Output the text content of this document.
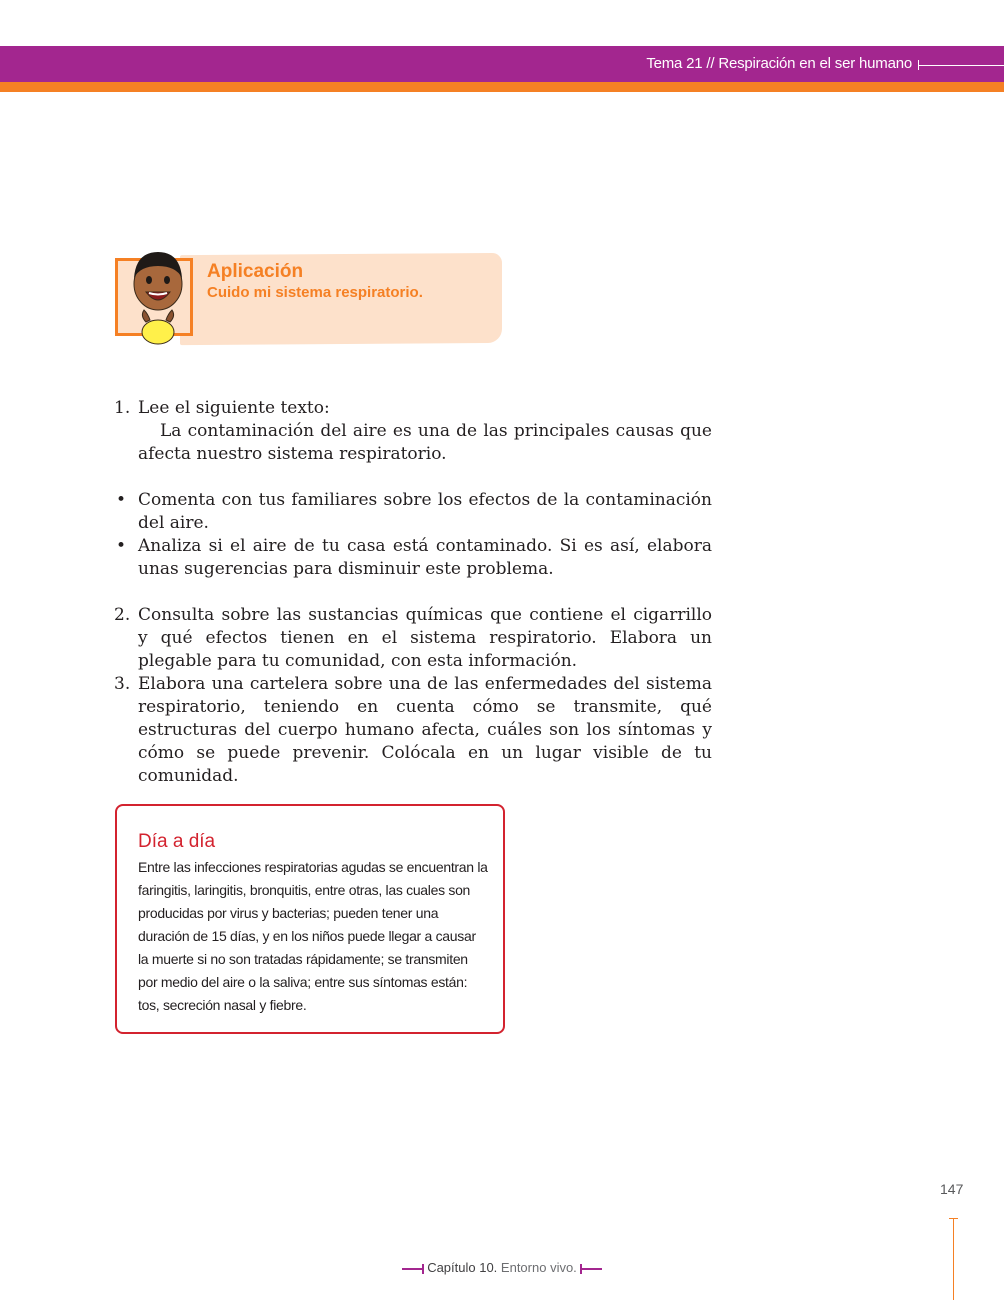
Tema 21 // Respiración en el ser humano
Aplicación
Cuido mi sistema respiratorio.
1. Lee el siguiente texto:
La contaminación del aire es una de las principales causas que afecta nuestro sistema respiratorio.
• Comenta con tus familiares sobre los efectos de la contaminación del aire.
• Analiza si el aire de tu casa está contaminado. Si es así, elabora unas sugerencias para disminuir este problema.
2. Consulta sobre las sustancias químicas que contiene el cigarrillo y qué efectos tienen en el sistema respiratorio. Elabora un plegable para tu comunidad, con esta información.
3. Elabora una cartelera sobre una de las enfermedades del sistema respiratorio, teniendo en cuenta cómo se transmite, qué estructuras del cuerpo humano afecta, cuáles son los síntomas y cómo se puede prevenir. Colócala en un lugar visible de tu comunidad.
Día a día
Entre las infecciones respiratorias agudas se encuentran la faringitis, laringitis, bronquitis, entre otras, las cuales son producidas por virus y bacterias; pueden tener una duración de 15 días, y en los niños puede llegar a causar la muerte si no son tratadas rápidamente; se transmiten por medio del aire o la saliva; entre sus síntomas están: tos, secreción nasal y fiebre.
147
Capítulo 10. Entorno vivo.
